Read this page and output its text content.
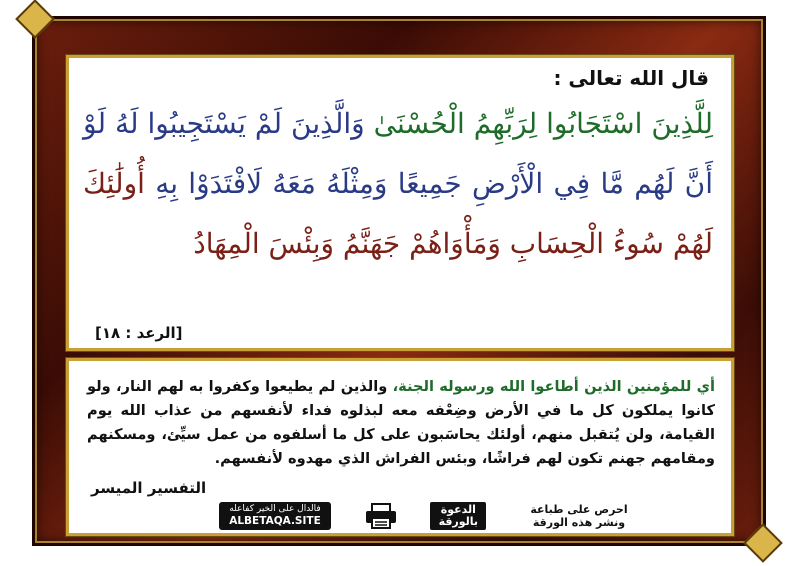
قال الله تعالى :
لِلَّذِينَ اسْتَجَابُوا لِرَبِّهِمُ الْحُسْنَىٰ وَالَّذِينَ لَمْ يَسْتَجِيبُوا لَهُ لَوْ أَنَّ لَهُم مَّا فِي الْأَرْضِ جَمِيعًا وَمِثْلَهُ مَعَهُ لَافْتَدَوْا بِهِ أُولَٰئِكَ لَهُمْ سُوءُ الْحِسَابِ وَمَأْوَاهُمْ جَهَنَّمُ وَبِئْسَ الْمِهَادُ
[الرعد : ١٨]
أي للمؤمنين الذين أطاعوا الله ورسوله الجنة، والذين لم يطيعوا وكفروا به لهم النار، ولو كانوا يملكون كل ما في الأرض وضِعْفه معه لبذلوه فداء لأنفسهم من عذاب الله يوم القيامة، ولن يُتقبل منهم، أولئك يحاسَبون على كل ما أسلفوه من عمل سيِّئ، ومسكنهم ومقامهم جهنم تكون لهم فراشًا، وبئس الفراش الذي مهدوه لأنفسهم.
التفسير الميسر
فالدال على الخير كفاعله
ALBETAQA.SITE
الدعوة
بالورقة
احرص على طباعة
ونشر هذه الورقة
